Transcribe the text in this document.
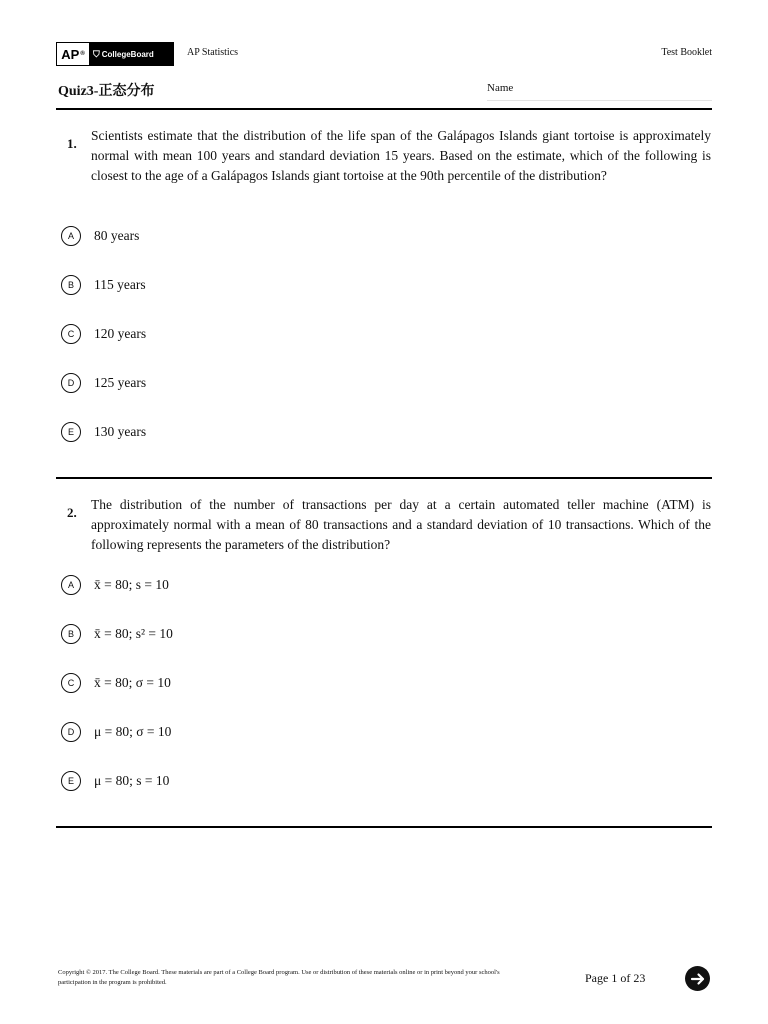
AP ® ⛉ CollegeBoard	AP Statistics	Test Booklet
Quiz3-正态分布	Name
1.
Scientists estimate that the distribution of the life span of the Galápagos Islands giant tortoise is approximately normal with mean 100 years and standard deviation 15 years. Based on the estimate, which of the following is closest to the age of a Galápagos Islands giant tortoise at the 90th percentile of the distribution?
A	80 years
B	115 years
C	120 years
D	125 years
E	130 years
2.
The distribution of the number of transactions per day at a certain automated teller machine (ATM) is approximately normal with a mean of 80 transactions and a standard deviation of 10 transactions. Which of the following represents the parameters of the distribution?
A	x̄ = 80; s = 10
B	x̄ = 80; s² = 10
C	x̄ = 80; σ = 10
D	μ = 80; σ = 10
E	μ = 80; s = 10
Copyright © 2017. The College Board. These materials are part of a College Board program. Use or distribution of these materials online or in print beyond your school's participation in the program is prohibited.	Page 1 of 23
